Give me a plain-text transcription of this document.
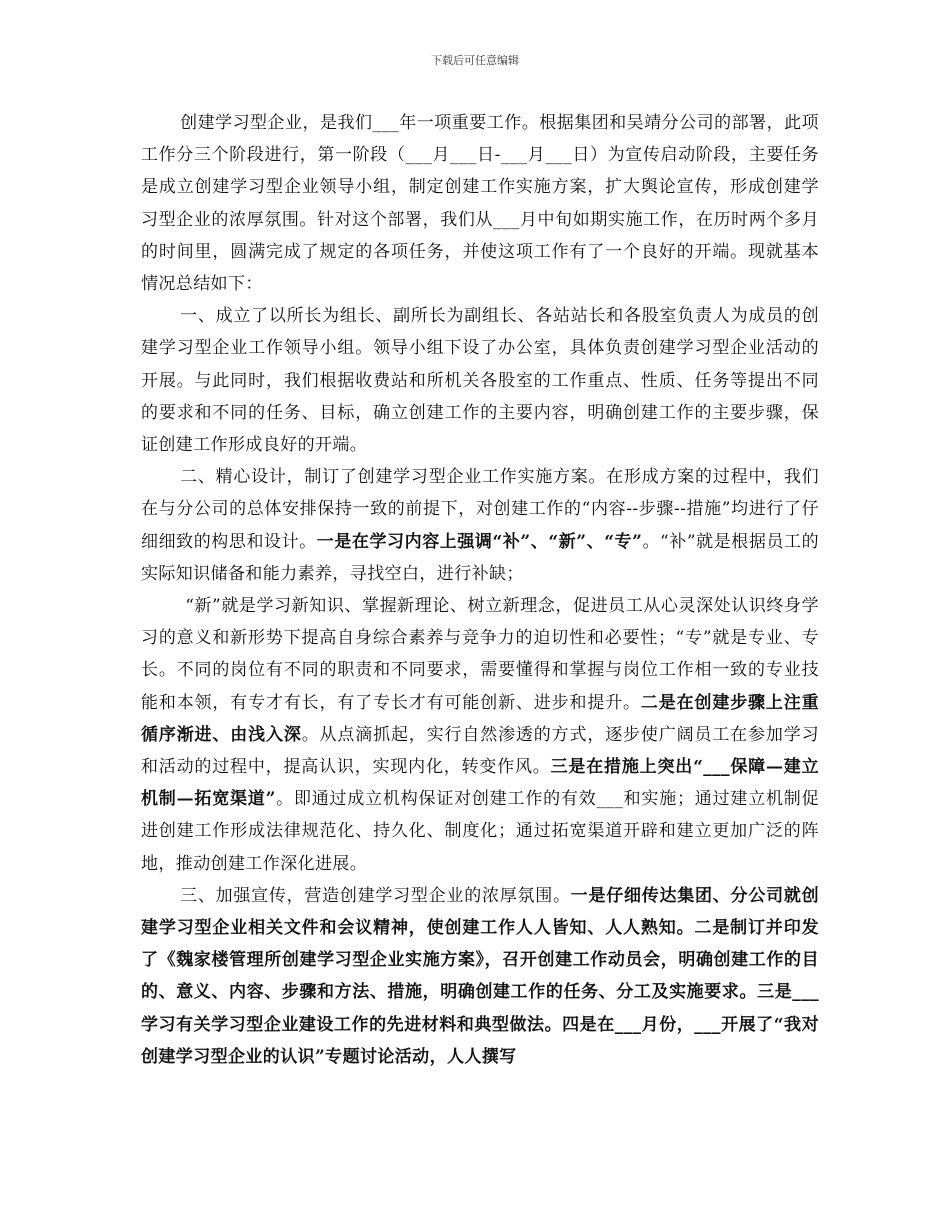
下载后可任意编辑

创建学习型企业，是我们___年一项重要工作。根据集团和吴靖分公司的部署，此项工作分三个阶段进行，第一阶段（___月___日-___月___日）为宣传启动阶段，主要任务是成立创建学习型企业领导小组，制定创建工作实施方案，扩大舆论宣传，形成创建学习型企业的浓厚氛围。针对这个部署，我们从___月中旬如期实施工作，在历时两个多月的时间里，圆满完成了规定的各项任务，并使这项工作有了一个良好的开端。现就基本情况总结如下：

一、成立了以所长为组长、副所长为副组长、各站站长和各股室负责人为成员的创建学习型企业工作领导小组。领导小组下设了办公室，具体负责创建学习型企业活动的开展。与此同时，我们根据收费站和所机关各股室的工作重点、性质、任务等提出不同的要求和不同的任务、目标，确立创建工作的主要内容，明确创建工作的主要步骤，保证创建工作形成良好的开端。

二、精心设计，制订了创建学习型企业工作实施方案。在形成方案的过程中，我们在与分公司的总体安排保持一致的前提下，对创建工作的“内容--步骤--措施”均进行了仔细细致的构思和设计。一是在学习内容上强调“补”、“新”、“专”。“补”就是根据员工的实际知识储备和能力素养，寻找空白，进行补缺；

“新”就是学习新知识、掌握新理论、树立新理念，促进员工从心灵深处认识终身学习的意义和新形势下提高自身综合素养与竞争力的迫切性和必要性；“专”就是专业、专长。不同的岗位有不同的职责和不同要求，需要懂得和掌握与岗位工作相一致的专业技能和本领，有专才有长，有了专长才有可能创新、进步和提升。二是在创建步骤上注重循序渐进、由浅入深。从点滴抓起，实行自然渗透的方式，逐步使广阔员工在参加学习和活动的过程中，提高认识，实现内化，转变作风。三是在措施上突出“___保障—建立机制—拓宽渠道”。即通过成立机构保证对创建工作的有效___和实施；通过建立机制促进创建工作形成法律规范化、持久化、制度化；通过拓宽渠道开辟和建立更加广泛的阵地，推动创建工作深化进展。

三、加强宣传，营造创建学习型企业的浓厚氛围。一是仔细传达集团、分公司就创建学习型企业相关文件和会议精神，使创建工作人人皆知、人人熟知。二是制订并印发了《魏家楼管理所创建学习型企业实施方案》，召开创建工作动员会，明确创建工作的目的、意义、内容、步骤和方法、措施，明确创建工作的任务、分工及实施要求。三是___学习有关学习型企业建设工作的先进材料和典型做法。四是在___月份，___开展了“我对创建学习型企业的认识”专题讨论活动，人人撰写
